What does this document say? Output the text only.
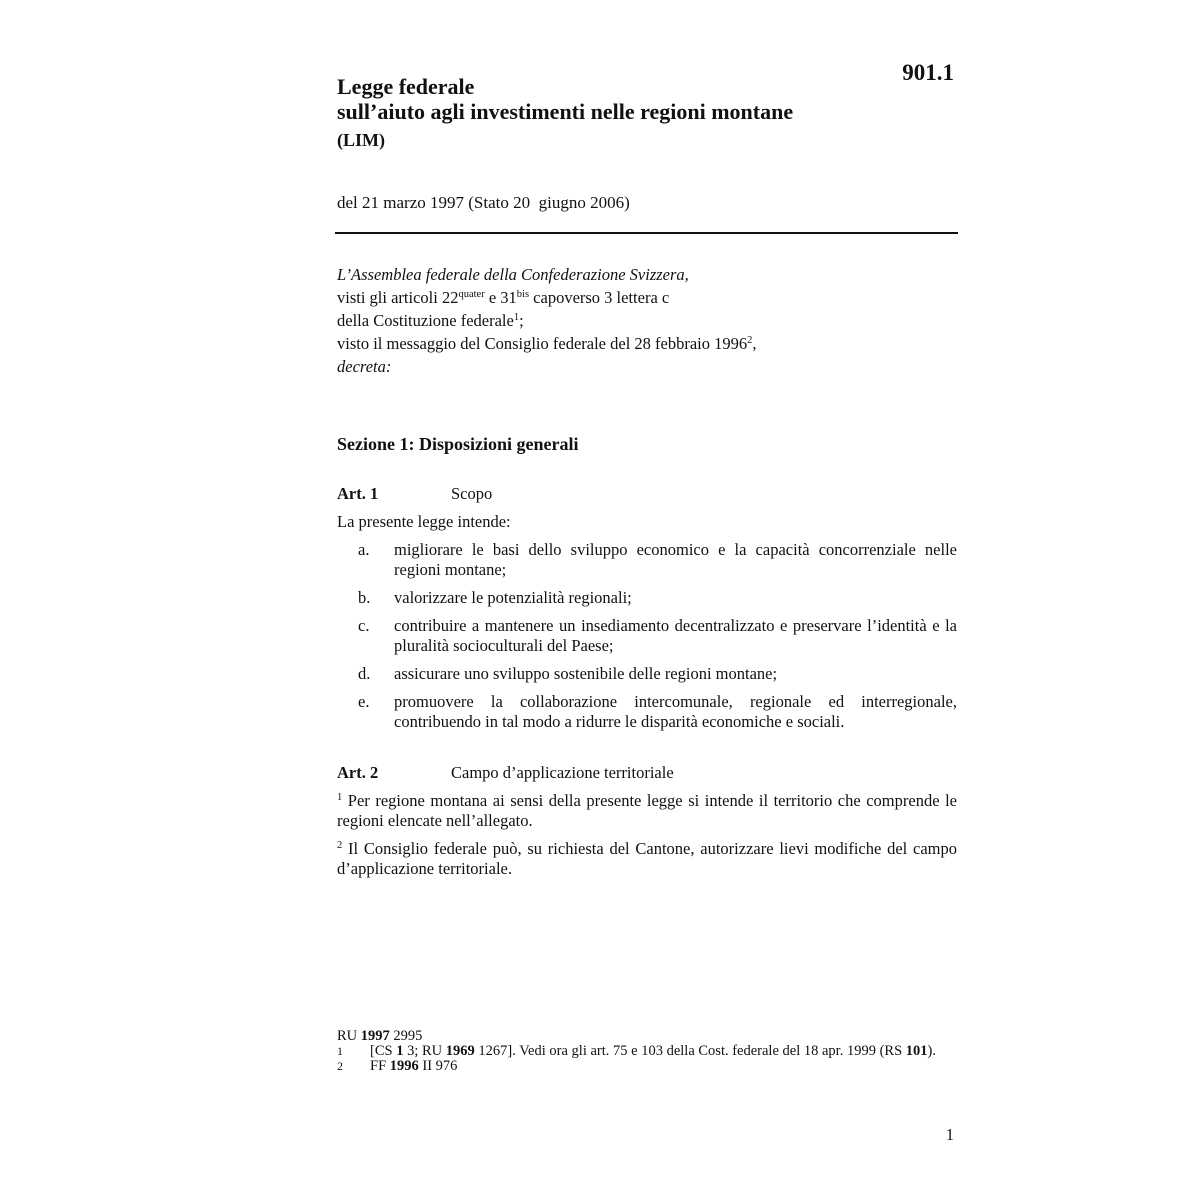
901.1
Legge federale
sull’aiuto agli investimenti nelle regioni montane
(LIM)
del 21 marzo 1997 (Stato 20  giugno 2006)
L’Assemblea federale della Confederazione Svizzera,
visti gli articoli $22^{quater}$ e $31^{bis}$ capoverso 3 lettera c
della Costituzione federale$^1$;
visto il messaggio del Consiglio federale del 28 febbraio 1996$^2$,
decreta:
Sezione 1: Disposizioni generali
Art. 1	Scopo
La presente legge intende:
a.	migliorare le basi dello sviluppo economico e la capacità concorrenziale nelle regioni montane;
b.	valorizzare le potenzialità regionali;
c.	contribuire a mantenere un insediamento decentralizzato e preservare l’identità e la pluralità socioculturali del Paese;
d.	assicurare uno sviluppo sostenibile delle regioni montane;
e.	promuovere la collaborazione intercomunale, regionale ed interregionale, contribuendo in tal modo a ridurre le disparità economiche e sociali.
Art. 2	Campo d’applicazione territoriale
$^1$ Per regione montana ai sensi della presente legge si intende il territorio che comprende le regioni elencate nell’allegato.
$^2$ Il Consiglio federale può, su richiesta del Cantone, autorizzare lievi modifiche del campo d’applicazione territoriale.
RU 1997 2995
1	[CS 1 3; RU 1969 1267]. Vedi ora gli art. 75 e 103 della Cost. federale del 18 apr. 1999 (RS 101).
2	FF 1996 II 976
1
